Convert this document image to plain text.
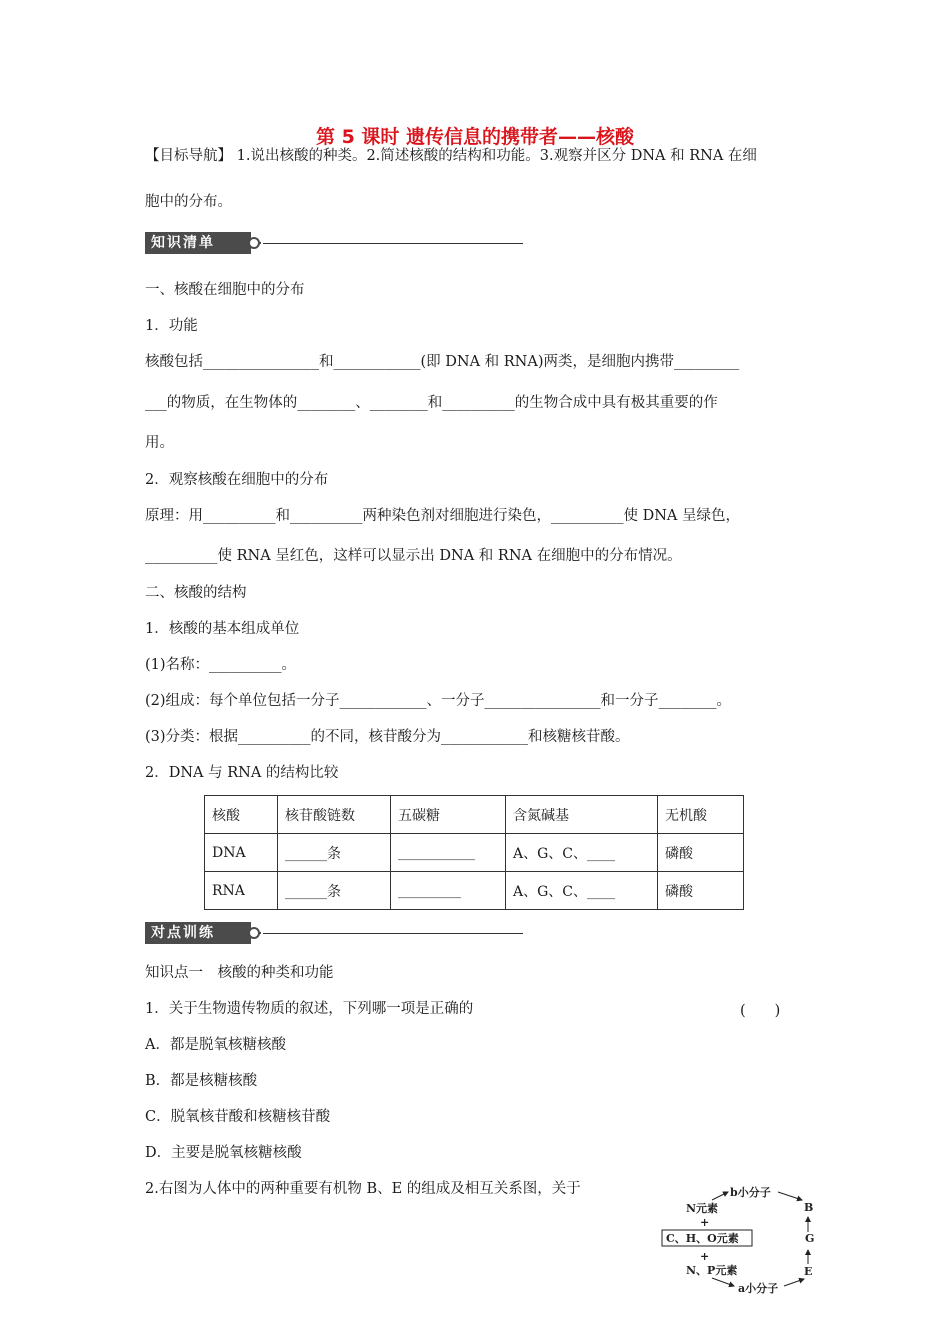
第 5 课时 遗传信息的携带者——核酸
【目标导航】 1.说出核酸的种类。2.简述核酸的结构和功能。3.观察并区分 DNA 和 RNA 在细
胞中的分布。
知识清单
一、核酸在细胞中的分布
1．功能
核酸包括________________和____________(即 DNA 和 RNA)两类，是细胞内携带_________
___的物质，在生物体的________、________和__________的生物合成中具有极其重要的作
用。
2．观察核酸在细胞中的分布
原理：用__________和__________两种染色剂对细胞进行染色，__________使 DNA 呈绿色，
__________使 RNA 呈红色，这样可以显示出 DNA 和 RNA 在细胞中的分布情况。
二、核酸的结构
1．核酸的基本组成单位
(1)名称：__________。
(2)组成：每个单位包括一分子____________、一分子________________和一分子________。
(3)分类：根据__________的不同，核苷酸分为____________和核糖核苷酸。
2．DNA 与 RNA 的结构比较
核酸	核苷酸链数	五碳糖	含氮碱基	无机酸
DNA	______条	___________	A、G、C、____	磷酸
RNA	______条	_________	A、G、C、____	磷酸
对点训练
知识点一　核酸的种类和功能
1．关于生物遗传物质的叙述，下列哪一项是正确的	(　　)
A．都是脱氧核糖核酸
B．都是核糖核酸
C．脱氧核苷酸和核糖核苷酸
D．主要是脱氧核糖核酸
2.右图为人体中的两种重要有机物 B、E 的组成及相互关系图，关于
N元素
b小分子
B
+
C、H、O元素	G
+
N、P元素	E
a小分子
